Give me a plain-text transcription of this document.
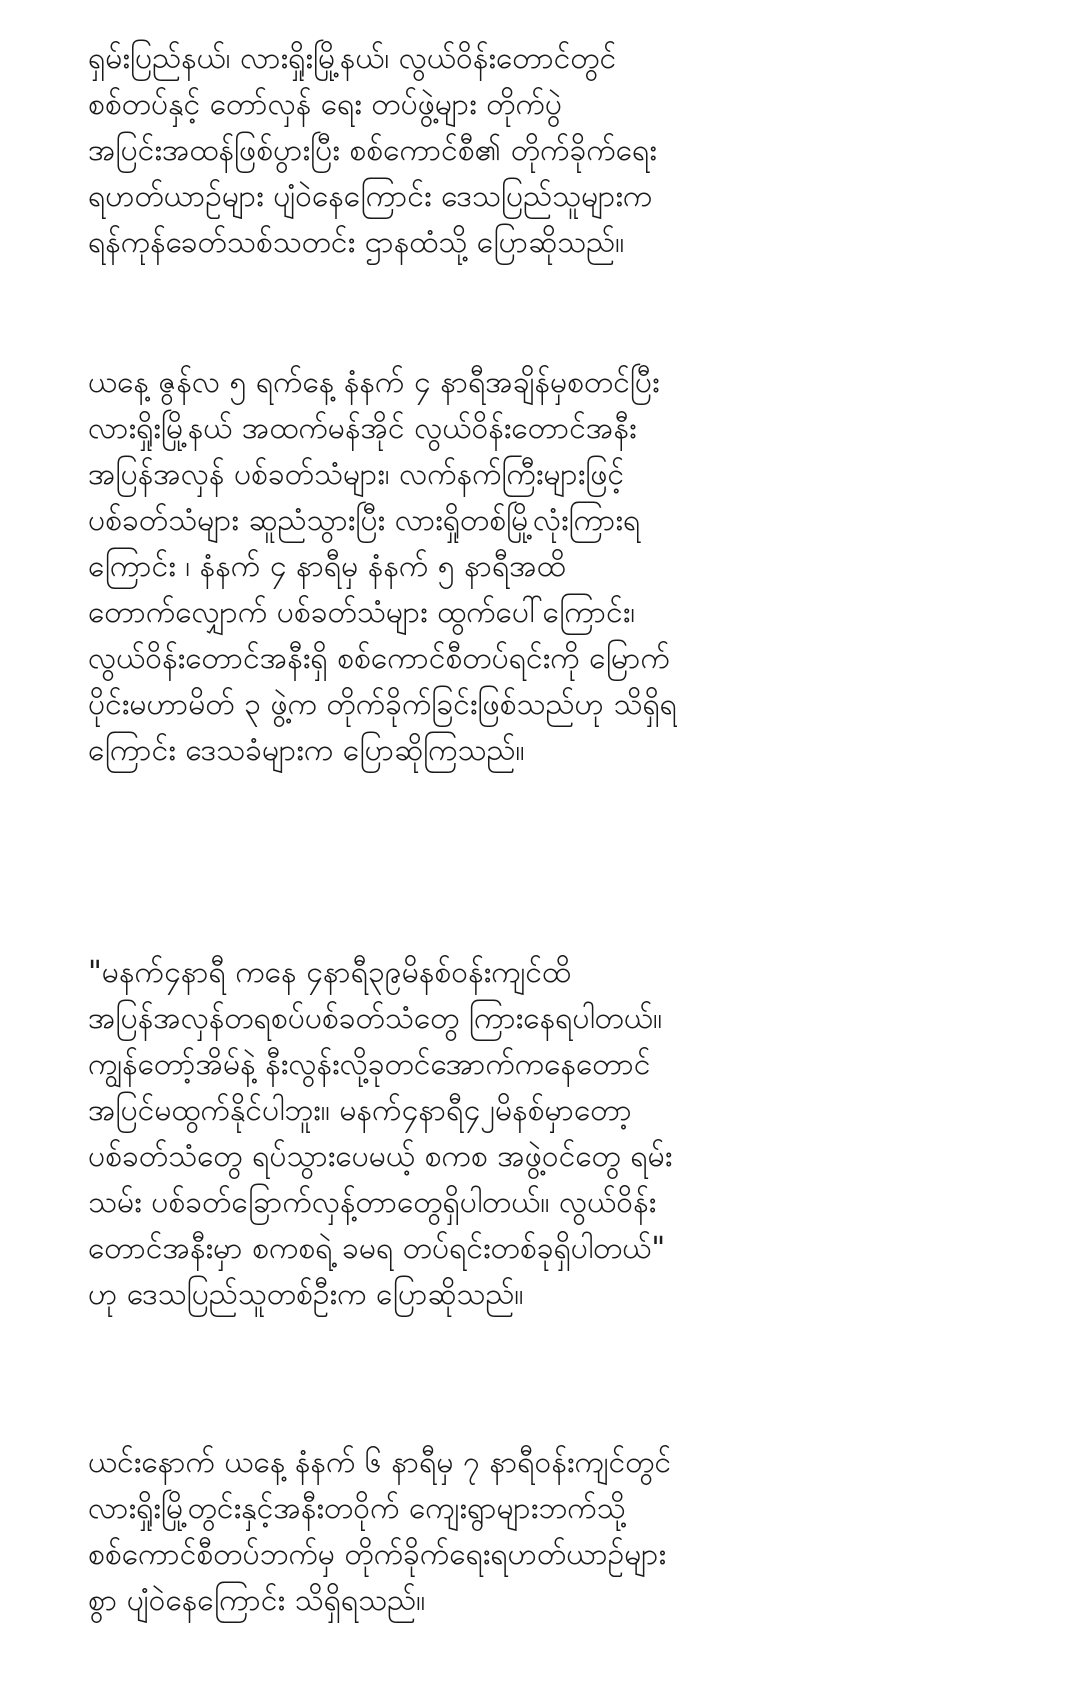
ရှမ်းပြည်နယ်၊ လားရှိုးမြို့နယ်၊ လွယ်ဝိန်းတောင်တွင်
စစ်တပ်နှင့် တော်လှန် ရေး တပ်ဖွဲ့များ တိုက်ပွဲ
အပြင်းအထန်ဖြစ်ပွားပြီး စစ်ကောင်စီ၏ တိုက်ခိုက်ရေး
ရဟတ်ယာဉ်များ ပျံဝဲနေကြောင်း ဒေသပြည်သူများက
ရန်ကုန်ခေတ်သစ်သတင်း ဌာနထံသို့ ပြောဆိုသည်။
ယနေ့ ဇွန်လ ၅ ရက်နေ့ နံနက် ၄ နာရီအချိန်မှစတင်ပြီး
လားရှိုးမြို့နယ် အထက်မန်အိုင် လွယ်ဝိန်းတောင်အနီး
အပြန်အလှန် ပစ်ခတ်သံများ၊ လက်နက်ကြီးများဖြင့်
ပစ်ခတ်သံများ ဆူညံသွားပြီး လားရှိုတစ်မြို့လုံးကြားရ
ကြောင်း ၊ နံနက် ၄ နာရီမှ နံနက် ၅ နာရီအထိ
တောက်လျှောက် ပစ်ခတ်သံများ ထွက်ပေါ်ကြောင်း၊
လွယ်ဝိန်းတောင်အနီးရှိ စစ်ကောင်စီတပ်ရင်းကို မြောက်
ပိုင်းမဟာမိတ် ၃ ဖွဲ့က တိုက်ခိုက်ခြင်းဖြစ်သည်ဟု သိရှိရ
ကြောင်း ဒေသခံများက ပြောဆိုကြသည်။
"မနက်၄နာရီ ကနေ ၄နာရီ၃၉မိနစ်ဝန်းကျင်ထိ
အပြန်အလှန်တရစပ်ပစ်ခတ်သံတွေ ကြားနေရပါတယ်။
ကျွန်တော့်အိမ်နဲ့ နီးလွန်းလို့ခုတင်အောက်ကနေတောင်
အပြင်မထွက်နိုင်ပါဘူး။ မနက်၄နာရီ၄၂မိနစ်မှာတော့
ပစ်ခတ်သံတွေ ရပ်သွားပေမယ့် စကစ အဖွဲ့ဝင်တွေ ရမ်း
သမ်း ပစ်ခတ်ခြောက်လှန့်တာတွေရှိပါတယ်။ လွယ်ဝိန်း
တောင်အနီးမှာ စကစရဲ့ ခမရ တပ်ရင်းတစ်ခုရှိပါတယ်"
ဟု ဒေသပြည်သူတစ်ဦးက ပြောဆိုသည်။
ယင်းနောက် ယနေ့ နံနက် ၆ နာရီမှ ၇ နာရီဝန်းကျင်တွင်
လားရှိုးမြို့တွင်းနှင့်အနီးတဝိုက် ကျေးရွာများဘက်သို့
စစ်ကောင်စီတပ်ဘက်မှ တိုက်ခိုက်ရေးရဟတ်ယာဉ်များ
စွာ ပျံဝဲနေကြောင်း သိရှိရသည်။
